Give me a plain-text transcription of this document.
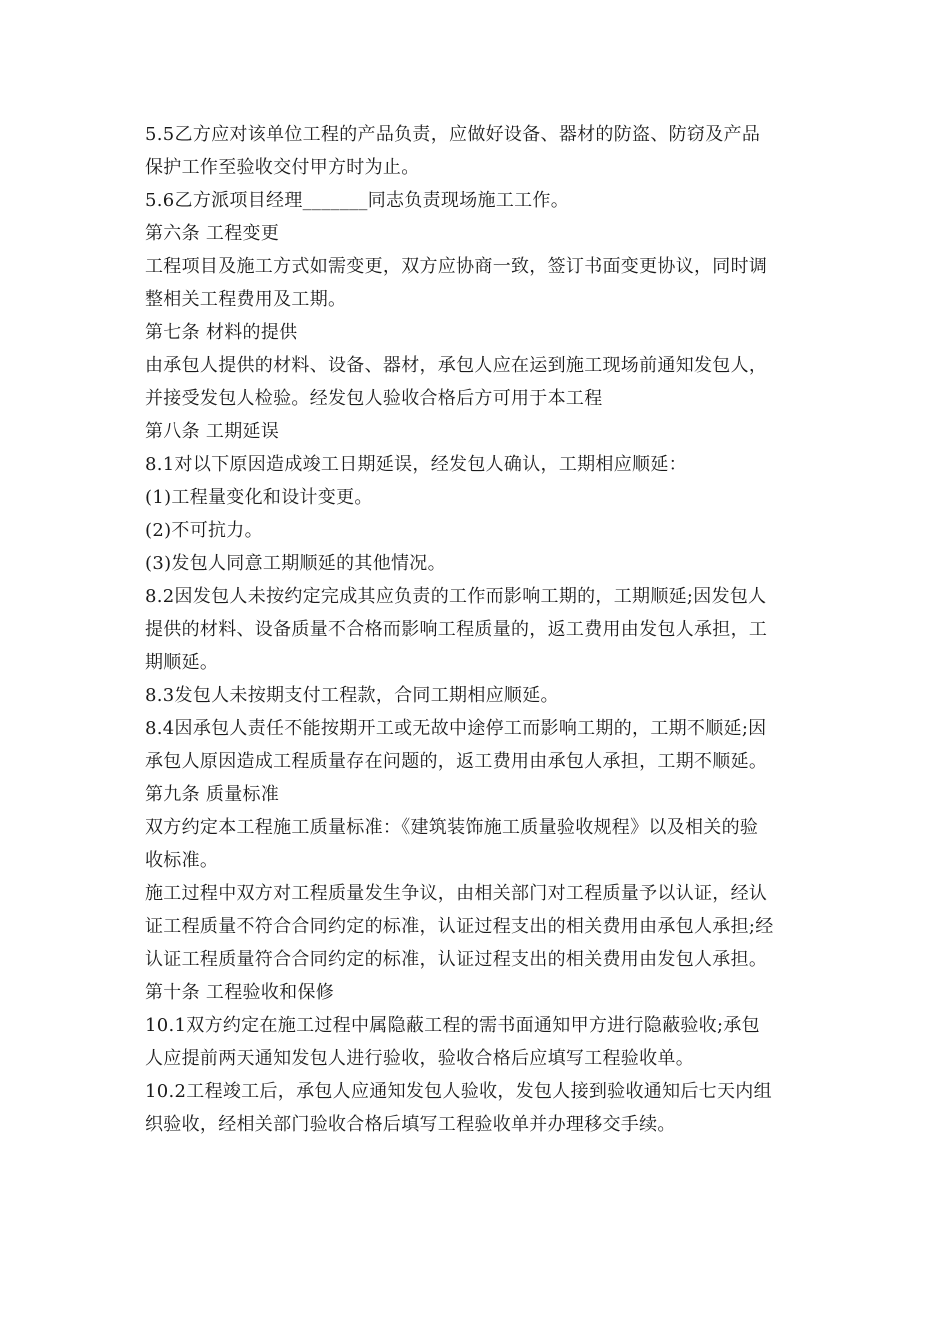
5.5乙方应对该单位工程的产品负责，应做好设备、器材的防盗、防窃及产品
保护工作至验收交付甲方时为止。
5.6乙方派项目经理_______同志负责现场施工工作。
第六条 工程变更
工程项目及施工方式如需变更，双方应协商一致，签订书面变更协议，同时调
整相关工程费用及工期。
第七条 材料的提供
由承包人提供的材料、设备、器材，承包人应在运到施工现场前通知发包人，
并接受发包人检验。经发包人验收合格后方可用于本工程
第八条 工期延误
8.1对以下原因造成竣工日期延误，经发包人确认，工期相应顺延：
(1)工程量变化和设计变更。
(2)不可抗力。
(3)发包人同意工期顺延的其他情况。
8.2因发包人未按约定完成其应负责的工作而影响工期的，工期顺延;因发包人
提供的材料、设备质量不合格而影响工程质量的，返工费用由发包人承担，工
期顺延。
8.3发包人未按期支付工程款，合同工期相应顺延。
8.4因承包人责任不能按期开工或无故中途停工而影响工期的，工期不顺延;因
承包人原因造成工程质量存在问题的，返工费用由承包人承担，工期不顺延。
第九条 质量标准
双方约定本工程施工质量标准：《建筑装饰施工质量验收规程》以及相关的验
收标准。
施工过程中双方对工程质量发生争议，由相关部门对工程质量予以认证，经认
证工程质量不符合合同约定的标准，认证过程支出的相关费用由承包人承担;经
认证工程质量符合合同约定的标准，认证过程支出的相关费用由发包人承担。
第十条 工程验收和保修
10.1双方约定在施工过程中属隐蔽工程的需书面通知甲方进行隐蔽验收;承包
人应提前两天通知发包人进行验收，验收合格后应填写工程验收单。
10.2工程竣工后，承包人应通知发包人验收，发包人接到验收通知后七天内组
织验收，经相关部门验收合格后填写工程验收单并办理移交手续。
